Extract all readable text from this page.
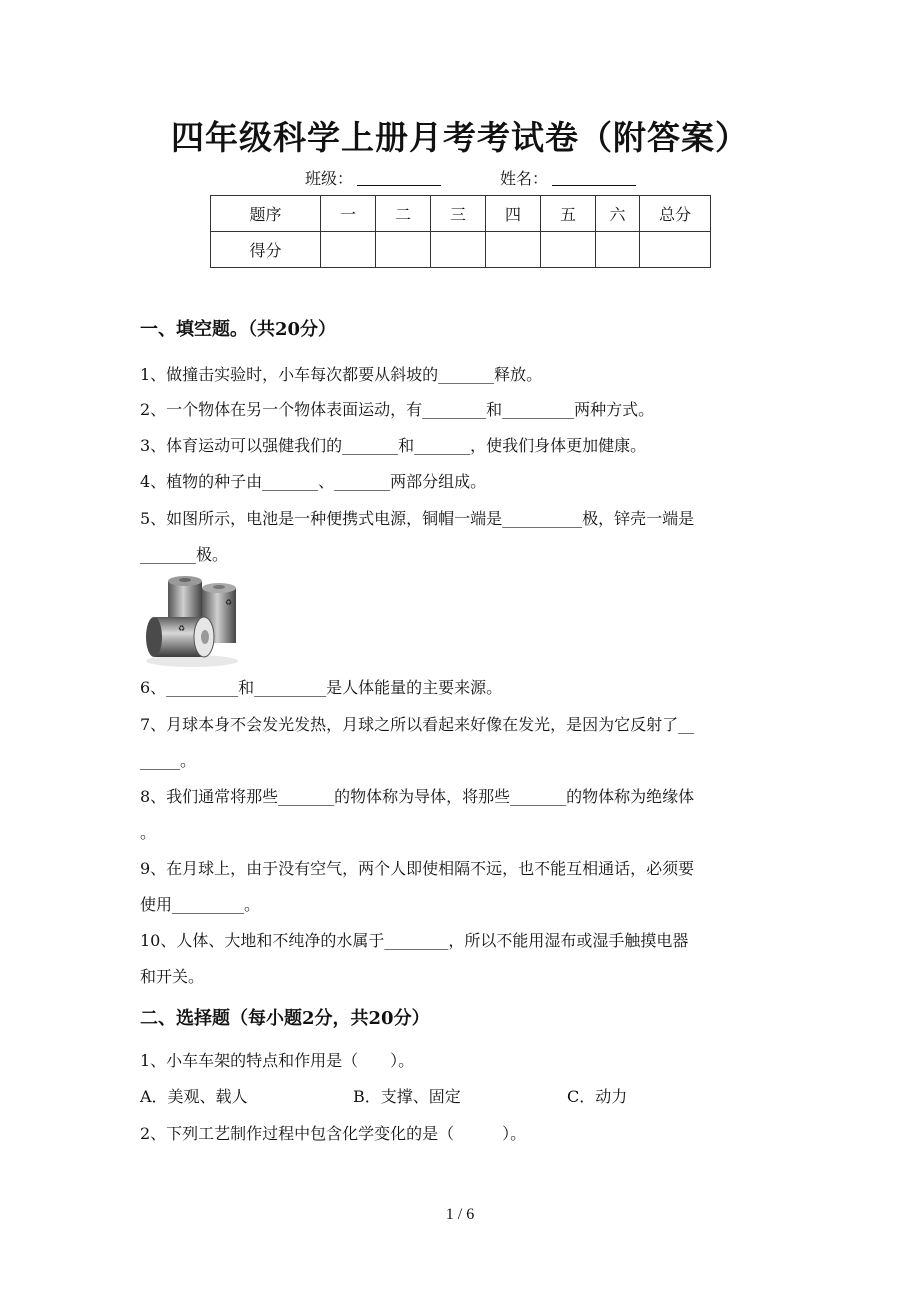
四年级科学上册月考考试卷（附答案）
班级：	姓名：
题序	一	二	三	四	五	六	总分
得分							
一、填空题。（共20分）
1、做撞击实验时，小车每次都要从斜坡的_______释放。
2、一个物体在另一个物体表面运动，有________和_________两种方式。
3、体育运动可以强健我们的_______和_______，使我们身体更加健康。
4、植物的种子由_______、_______两部分组成。
5、如图所示，电池是一种便携式电源，铜帽一端是__________极，锌壳一端是
_______极。
♻
♻
6、_________和_________是人体能量的主要来源。
7、月球本身不会发光发热，月球之所以看起来好像在发光，是因为它反射了__
_____。
8、我们通常将那些_______的物体称为导体，将那些_______的物体称为绝缘体
。
9、在月球上，由于没有空气，两个人即使相隔不远，也不能互相通话，必须要
使用_________。
10、人体、大地和不纯净的水属于________，所以不能用湿布或湿手触摸电器
和开关。
二、选择题（每小题2分，共20分）
1、小车车架的特点和作用是（　　）。
A．美观、载人	B．支撑、固定	C．动力
2、下列工艺制作过程中包含化学变化的是（　　　）。
1 / 6
